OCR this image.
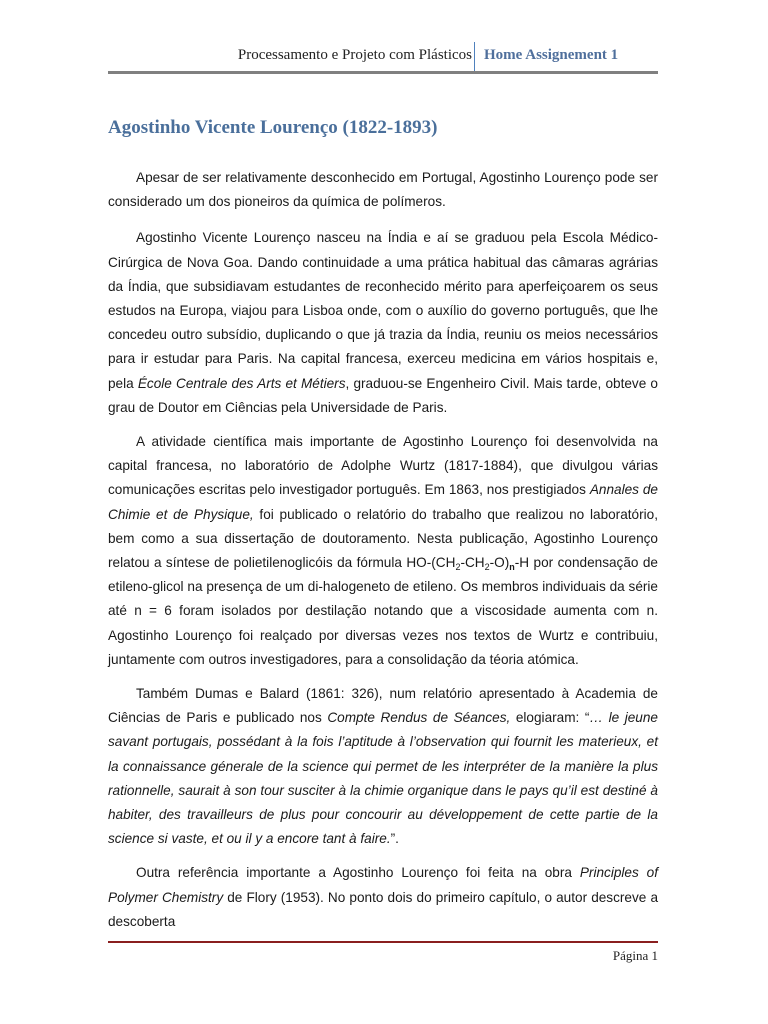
Processamento e Projeto com Plásticos Home Assignement 1
Agostinho Vicente Lourenço (1822-1893)

Apesar de ser relativamente desconhecido em Portugal, Agostinho Lourenço pode ser considerado um dos pioneiros da química de polímeros.

Agostinho Vicente Lourenço nasceu na Índia e aí se graduou pela Escola Médico-Cirúrgica de Nova Goa. Dando continuidade a uma prática habitual das câmaras agrárias da Índia, que subsidiavam estudantes de reconhecido mérito para aperfeiçoarem os seus estudos na Europa, viajou para Lisboa onde, com o auxílio do governo português, que lhe concedeu outro subsídio, duplicando o que já trazia da Índia, reuniu os meios necessários para ir estudar para Paris. Na capital francesa, exerceu medicina em vários hospitais e, pela École Centrale des Arts et Métiers, graduou-se Engenheiro Civil. Mais tarde, obteve o grau de Doutor em Ciências pela Universidade de Paris.

A atividade científica mais importante de Agostinho Lourenço foi desenvolvida na capital francesa, no laboratório de Adolphe Wurtz (1817-1884), que divulgou várias comunicações escritas pelo investigador português. Em 1863, nos prestigiados Annales de Chimie et de Physique, foi publicado o relatório do trabalho que realizou no laboratório, bem como a sua dissertação de doutoramento. Nesta publicação, Agostinho Lourenço relatou a síntese de polietilenoglicóis da fórmula $HO-(CH_2-CH_2-O)_n-H$ por condensação de etileno-glicol na presença de um di-halogeneto de etileno. Os membros individuais da série até n = 6 foram isolados por destilação notando que a viscosidade aumenta com n. Agostinho Lourenço foi realçado por diversas vezes nos textos de Wurtz e contribuiu, juntamente com outros investigadores, para a consolidação da téoria atómica.

Também Dumas e Balard (1861: 326), num relatório apresentado à Academia de Ciências de Paris e publicado nos Compte Rendus de Séances, elogiaram: “… le jeune savant portugais, possédant à la fois l’aptitude à l’observation qui fournit les materieux, et la connaissance génerale de la science qui permet de les interpréter de la manière la plus rationnelle, saurait à son tour susciter à la chimie organique dans le pays qu’il est destiné à habiter, des travailleurs de plus pour concourir au développement de cette partie de la science si vaste, et ou il y a encore tant à faire.”.

Outra referência importante a Agostinho Lourenço foi feita na obra Principles of Polymer Chemistry de Flory (1953). No ponto dois do primeiro capítulo, o autor descreve a descoberta

Página 1
